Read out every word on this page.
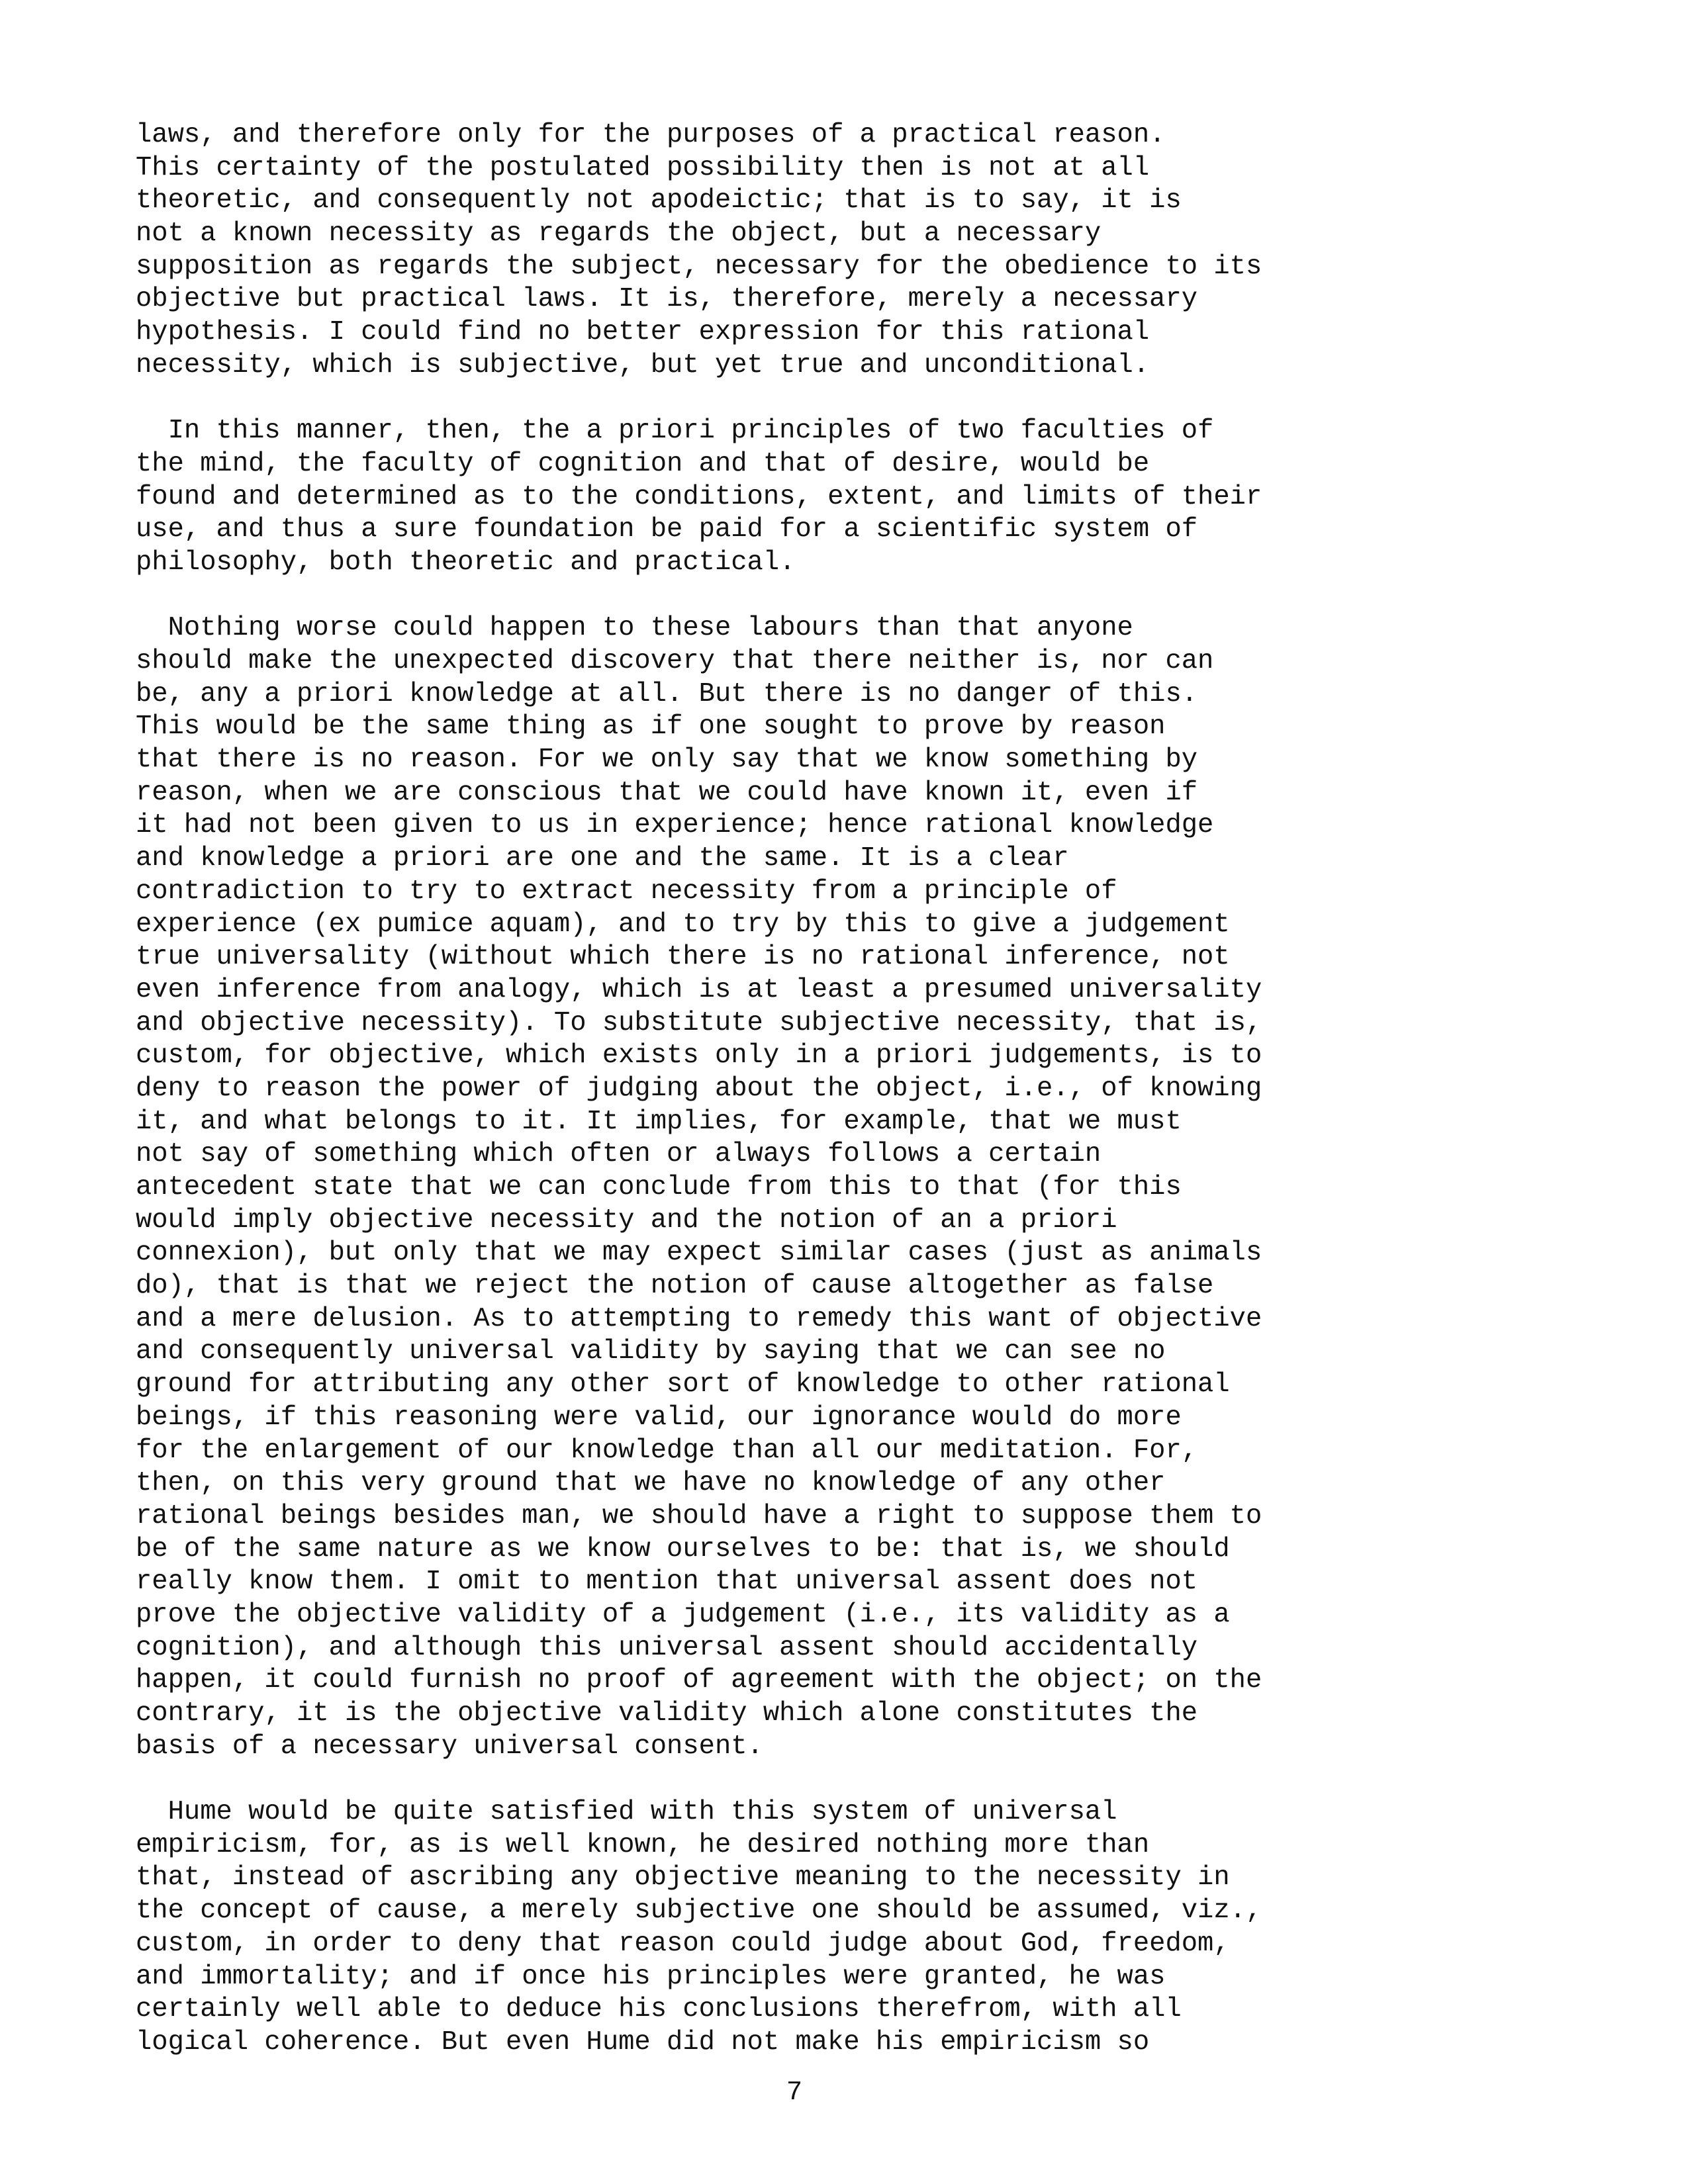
laws, and therefore only for the purposes of a practical reason.
This certainty of the postulated possibility then is not at all
theoretic, and consequently not apodeictic; that is to say, it is
not a known necessity as regards the object, but a necessary
supposition as regards the subject, necessary for the obedience to its
objective but practical laws. It is, therefore, merely a necessary
hypothesis. I could find no better expression for this rational
necessity, which is subjective, but yet true and unconditional.
In this manner, then, the a priori principles of two faculties of
the mind, the faculty of cognition and that of desire, would be
found and determined as to the conditions, extent, and limits of their
use, and thus a sure foundation be paid for a scientific system of
philosophy, both theoretic and practical.
Nothing worse could happen to these labours than that anyone
should make the unexpected discovery that there neither is, nor can
be, any a priori knowledge at all. But there is no danger of this.
This would be the same thing as if one sought to prove by reason
that there is no reason. For we only say that we know something by
reason, when we are conscious that we could have known it, even if
it had not been given to us in experience; hence rational knowledge
and knowledge a priori are one and the same. It is a clear
contradiction to try to extract necessity from a principle of
experience (ex pumice aquam), and to try by this to give a judgement
true universality (without which there is no rational inference, not
even inference from analogy, which is at least a presumed universality
and objective necessity). To substitute subjective necessity, that is,
custom, for objective, which exists only in a priori judgements, is to
deny to reason the power of judging about the object, i.e., of knowing
it, and what belongs to it. It implies, for example, that we must
not say of something which often or always follows a certain
antecedent state that we can conclude from this to that (for this
would imply objective necessity and the notion of an a priori
connexion), but only that we may expect similar cases (just as animals
do), that is that we reject the notion of cause altogether as false
and a mere delusion. As to attempting to remedy this want of objective
and consequently universal validity by saying that we can see no
ground for attributing any other sort of knowledge to other rational
beings, if this reasoning were valid, our ignorance would do more
for the enlargement of our knowledge than all our meditation. For,
then, on this very ground that we have no knowledge of any other
rational beings besides man, we should have a right to suppose them to
be of the same nature as we know ourselves to be: that is, we should
really know them. I omit to mention that universal assent does not
prove the objective validity of a judgement (i.e., its validity as a
cognition), and although this universal assent should accidentally
happen, it could furnish no proof of agreement with the object; on the
contrary, it is the objective validity which alone constitutes the
basis of a necessary universal consent.
Hume would be quite satisfied with this system of universal
empiricism, for, as is well known, he desired nothing more than
that, instead of ascribing any objective meaning to the necessity in
the concept of cause, a merely subjective one should be assumed, viz.,
custom, in order to deny that reason could judge about God, freedom,
and immortality; and if once his principles were granted, he was
certainly well able to deduce his conclusions therefrom, with all
logical coherence. But even Hume did not make his empiricism so
7
